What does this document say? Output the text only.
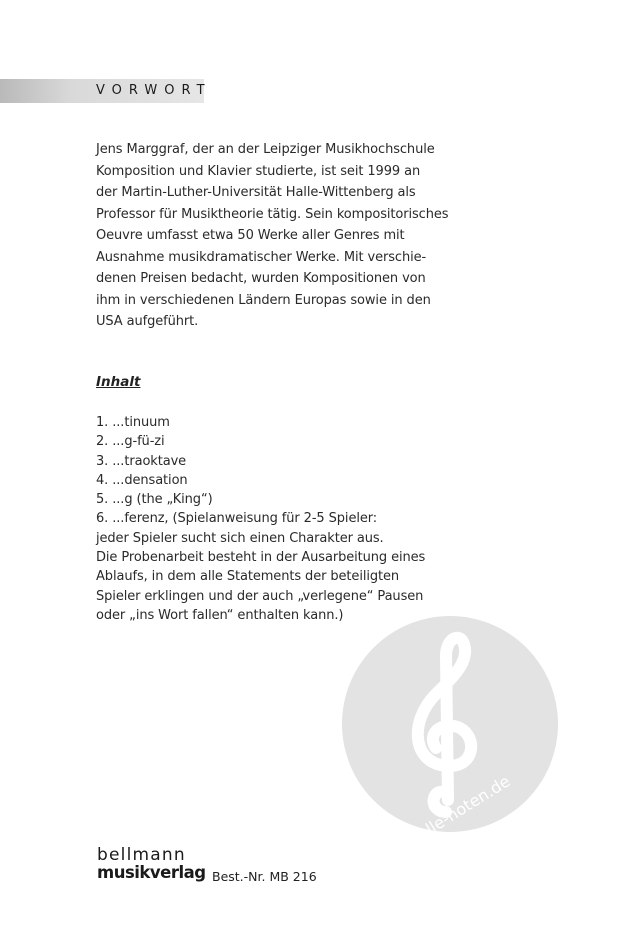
VORWORT
Jens Marggraf, der an der Leipziger Musikhochschule
Komposition und Klavier studierte, ist seit 1999 an
der Martin-Luther-Universität Halle-Wittenberg als
Professor für Musiktheorie tätig. Sein kompositorisches
Oeuvre umfasst etwa 50 Werke aller Genres mit
Ausnahme musikdramatischer Werke. Mit verschie-
denen Preisen bedacht, wurden Kompositionen von
ihm in verschiedenen Ländern Europas sowie in den
USA aufgeführt.
Inhalt
1. ...tinuum
2. ...g-fü-zi
3. ...traoktave
4. ...densation
5. ...g (the „King“)
6. ...ferenz, (Spielanweisung für 2-5 Spieler:
jeder Spieler sucht sich einen Charakter aus.
Die Probenarbeit besteht in der Ausarbeitung eines
Ablaufs, in dem alle Statements der beteiligten
Spieler erklingen und der auch „verlegene“ Pausen
oder „ins Wort fallen“ enthalten kann.)
alle-noten.de
bellmann
musikverlag Best.-Nr. MB 216
